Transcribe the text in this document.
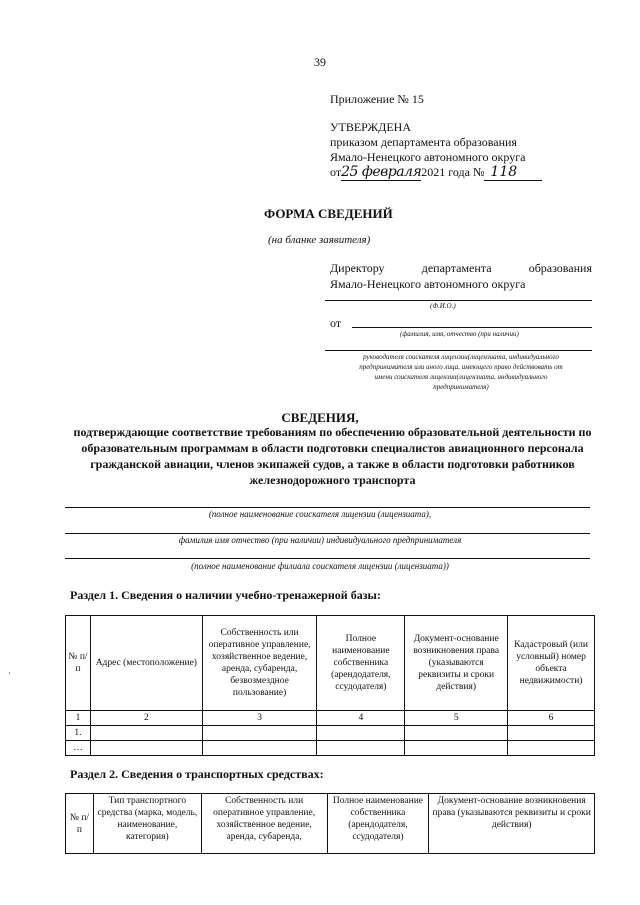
39
Приложение № 15
УТВЕРЖДЕНА
приказом департамента образования
Ямало-Ненецкого автономного округа
от25 февраля2021 года № 118
ФОРМА СВЕДЕНИЙ
(на бланке заявителя)
Директору	департамента	образования
Ямало-Ненецкого автономного округа
(Ф.И.О.)
от
(фамилия, имя, отчество (при наличии)
руководителя соискателя лицензии(лицензиата, индивидуального
предпринимателя или иного лица, имеющего право действовать от
имени соискателя лицензии(лицензиата, индивидуального
предпринимателя)
СВЕДЕНИЯ,
подтверждающие соответствие требованиям по обеспечению образовательной деятельности по образовательным программам в области подготовки специалистов авиационного персонала гражданской авиации, членов экипажей судов, а также в области подготовки работников железнодорожного транспорта
(полное наименование соискателя лицензии (лицензиата),
фамилия имя отчество (при наличии) индивидуального предпринимателя
(полное наименование филиала соискателя лицензии (лицензиата))
Раздел 1. Сведения о наличии учебно-тренажерной базы:
№ п/п	Адрес (местоположение)	Собственность или оперативное управление, хозяйственное ведение, аренда, субаренда, безвозмездное пользование)	Полное наименование собственника (арендодателя, ссудодателя)	Документ-основание возникновения права (указываются реквизиты и сроки действия)	Кадастровый (или условный) номер объекта недвижимости)
1	2	3	4	5	6
1.					
…					
Раздел 2. Сведения о транспортных средствах:
№ п/п	Тип транспортного средства (марка, модель, наименование, категория)	Собственность или оперативное управление, хозяйственное ведение, аренда, субаренда,	Полное наименование собственника (арендодателя, ссудодателя)	Документ-основание возникновения права (указываются реквизиты и сроки действия)
·
